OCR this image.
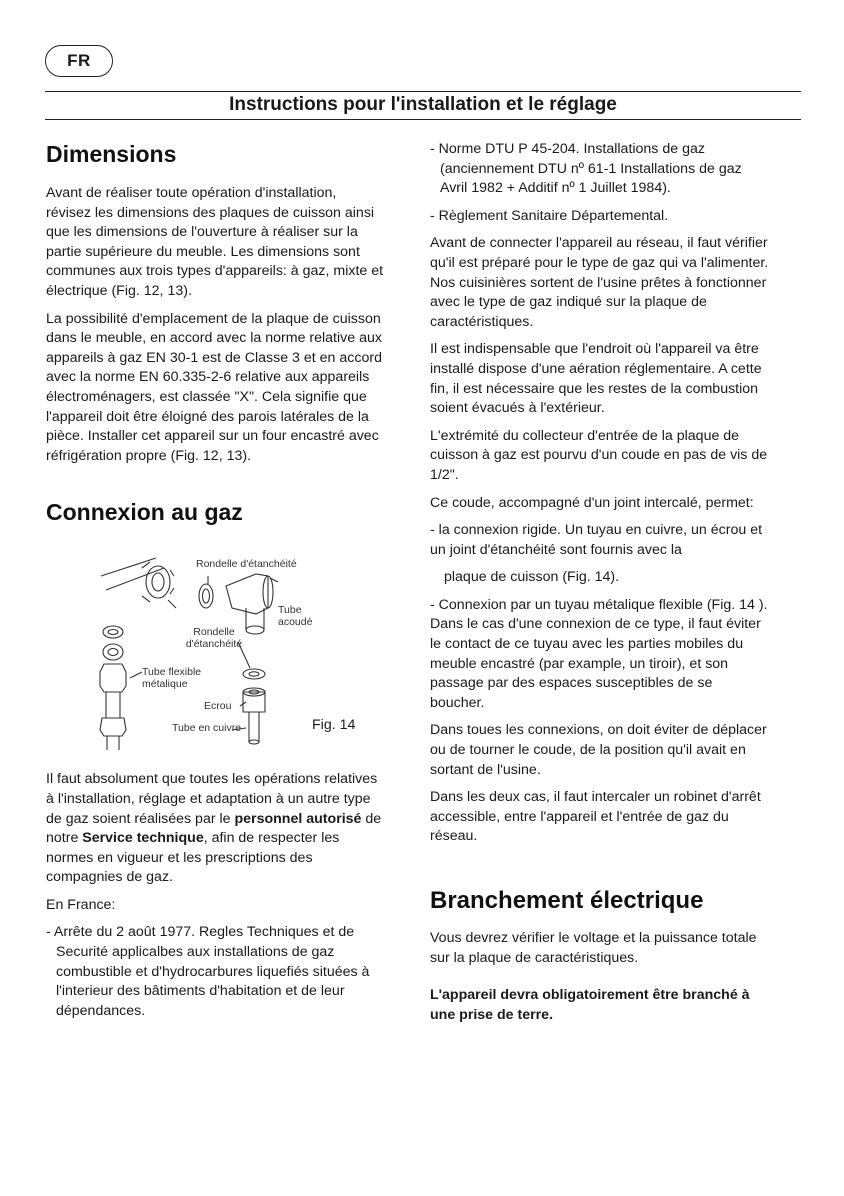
FR
Instructions pour l'installation et le réglage
Dimensions

Avant de réaliser toute opération d'installation, révisez les dimensions des plaques de cuisson ainsi que les dimensions de l'ouverture à réaliser sur la partie supérieure du meuble. Les dimensions sont communes aux trois types d'appareils: à gaz, mixte et électrique (Fig. 12, 13).

La possibilité d'emplacement de la plaque de cuisson dans le meuble, en accord avec la norme relative aux appareils à gaz EN 30-1 est de Classe 3 et en accord avec la norme EN 60.335-2-6 relative aux appareils électroménagers, est classée "X". Cela signifie que l'appareil doit être éloigné des parois latérales de la pièce. Installer cet appareil sur un four encastré avec réfrigération propre (Fig. 12, 13).

Connexion au gaz
Rondelle d'étanchéité
Tube acoudé
Rondelle d'étanchéité
Tube flexible métalique
Ecrou
Tube en cuivre	Fig. 14

Il faut absolument que toutes les opérations relatives à l'installation, réglage et adaptation à un autre type de gaz soient réalisées par le personnel autorisé de notre Service technique, afin de respecter les normes en vigueur et les prescriptions des compagnies de gaz.

En France:

- Arrête du 2 août 1977. Regles Techniques et de Securité applicalbes aux installations de gaz combustible et d'hydrocarbures liquefiés situées à l'interieur des bâtiments d'habitation et de leur dépendances.

- Norme DTU P 45-204. Installations de gaz (anciennement DTU nº 61-1 Installations de gaz Avril 1982 + Additif nº 1 Juillet 1984).

- Règlement Sanitaire Départemental.

Avant de connecter l'appareil au réseau, il faut vérifier qu'il est préparé pour le type de gaz qui va l'alimenter. Nos cuisinières sortent de l'usine prêtes à fonctionner avec le type de gaz indiqué sur la plaque de caractéristiques.

Il est indispensable que l'endroit où l'appareil va être installé dispose d'une aération réglementaire. A cette fin, il est nécessaire que les restes de la combustion soient évacués à l'extérieur.

L'extrémité du collecteur d'entrée de la plaque de cuisson à gaz est pourvu d'un coude en pas de vis de 1/2".

Ce coude, accompagné d'un joint intercalé, permet:

- la connexion rigide. Un tuyau en cuivre, un écrou et un joint d'étanchéité sont fournis avec la

plaque de cuisson (Fig. 14).

- Connexion par un tuyau métalique flexible (Fig. 14 ). Dans le cas d'une connexion de ce type, il faut éviter le contact de ce tuyau avec les parties mobiles du meuble encastré (par example, un tiroir), et son passage par des espaces susceptibles de se boucher.

Dans toues les connexions, on doit éviter de déplacer ou de tourner le coude, de la position qu'il avait en sortant de l'usine.

Dans les deux cas, il faut intercaler un robinet d'arrêt accessible, entre l'appareil et l'entrée de gaz du réseau.

Branchement électrique

Vous devrez vérifier le voltage et la puissance totale sur la plaque de caractéristiques.

L'appareil devra obligatoirement être branché à une prise de terre.
